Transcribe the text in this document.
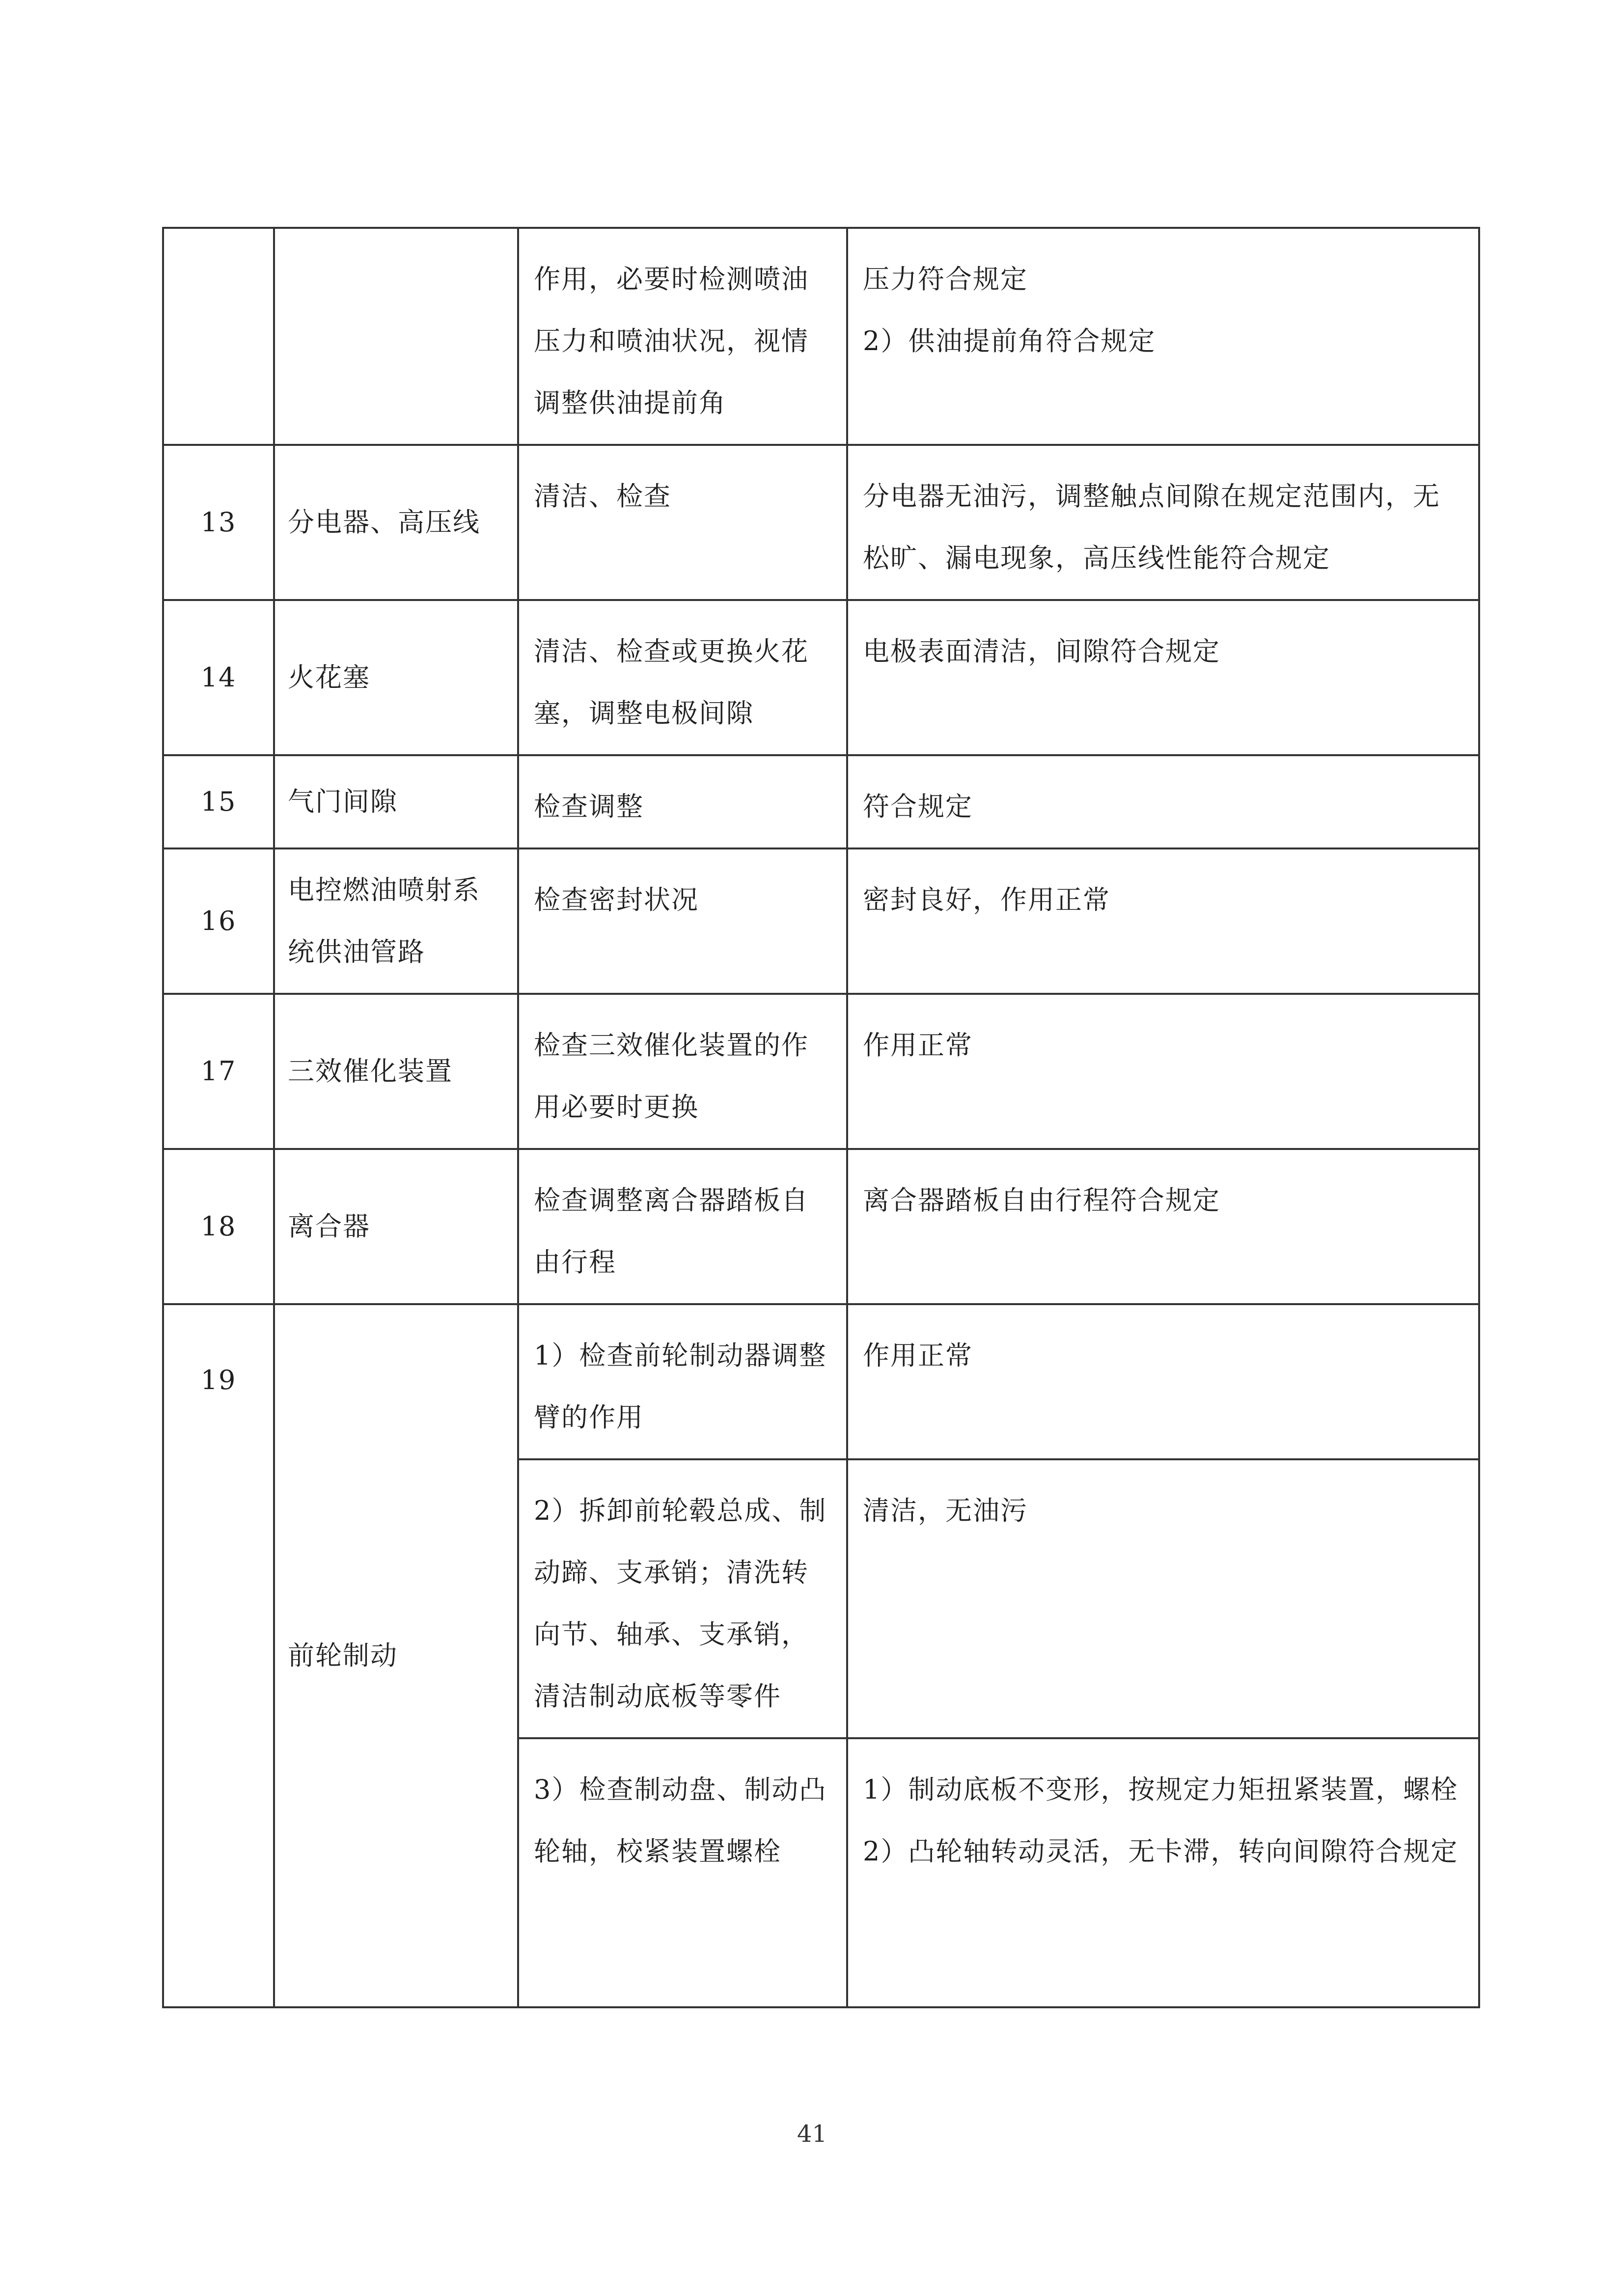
		作用，必要时检测喷油压力和喷油状况，视情调整供油提前角	压力符合规定
2）供油提前角符合规定

13	分电器、高压线	清洁、检查	分电器无油污，调整触点间隙在规定范围内，无松旷、漏电现象，高压线性能符合规定

14	火花塞	清洁、检查或更换火花塞，调整电极间隙	电极表面清洁，间隙符合规定

15	气门间隙	检查调整	符合规定

16	电控燃油喷射系统供油管路	检查密封状况	密封良好，作用正常

17	三效催化装置	检查三效催化装置的作用必要时更换	作用正常

18	离合器	检查调整离合器踏板自由行程	离合器踏板自由行程符合规定

19	前轮制动	1）检查前轮制动器调整臂的作用	作用正常

		2）拆卸前轮毂总成、制动蹄、支承销；清洗转向节、轴承、支承销，清洁制动底板等零件	清洁，无油污

		3）检查制动盘、制动凸轮轴，校紧装置螺栓	1）制动底板不变形，按规定力矩扭紧装置，螺栓
2）凸轮轴转动灵活，无卡滞，转向间隙符合规定
41
